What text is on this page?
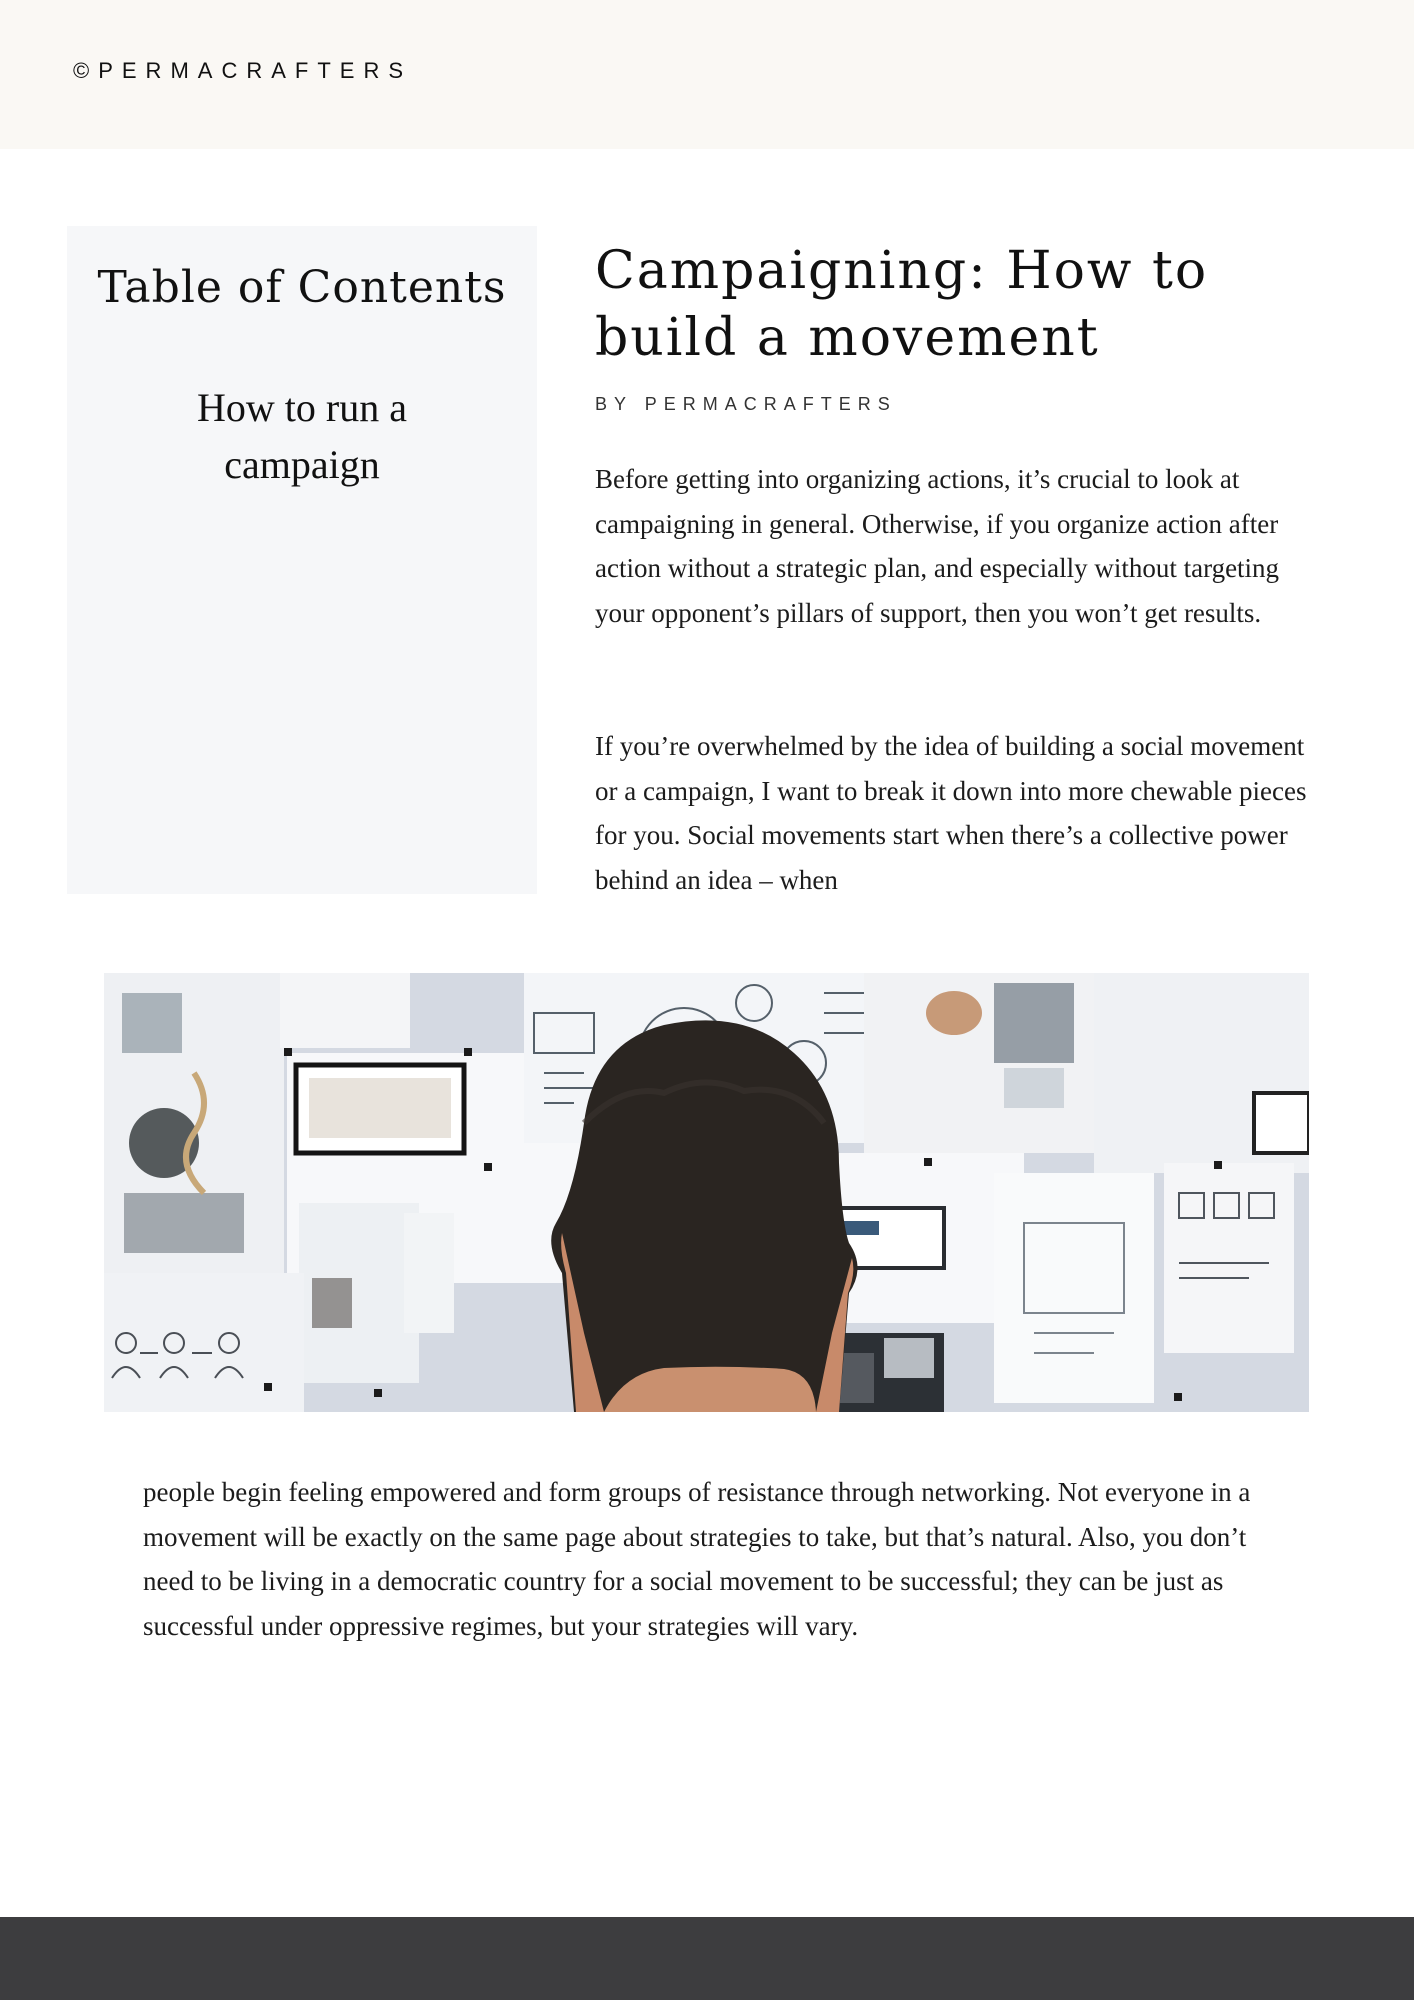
©PERMACRAFTERS
Table of Contents
How to run a campaign
Campaigning: How to build a movement
BY PERMACRAFTERS

Before getting into organizing actions, it’s crucial to look at campaigning in general. Otherwise, if you organize action after action without a strategic plan, and especially without targeting your opponent’s pillars of support, then you won’t get results.

If you’re overwhelmed by the idea of building a social movement or a campaign, I want to break it down into more chewable pieces for you. Social movements start when there’s a collective power behind an idea – when

people begin feeling empowered and form groups of resistance through networking. Not everyone in a movement will be exactly on the same page about strategies to take, but that’s natural. Also, you don’t need to be living in a democratic country for a social movement to be successful; they can be just as successful under oppressive regimes, but your strategies will vary.
